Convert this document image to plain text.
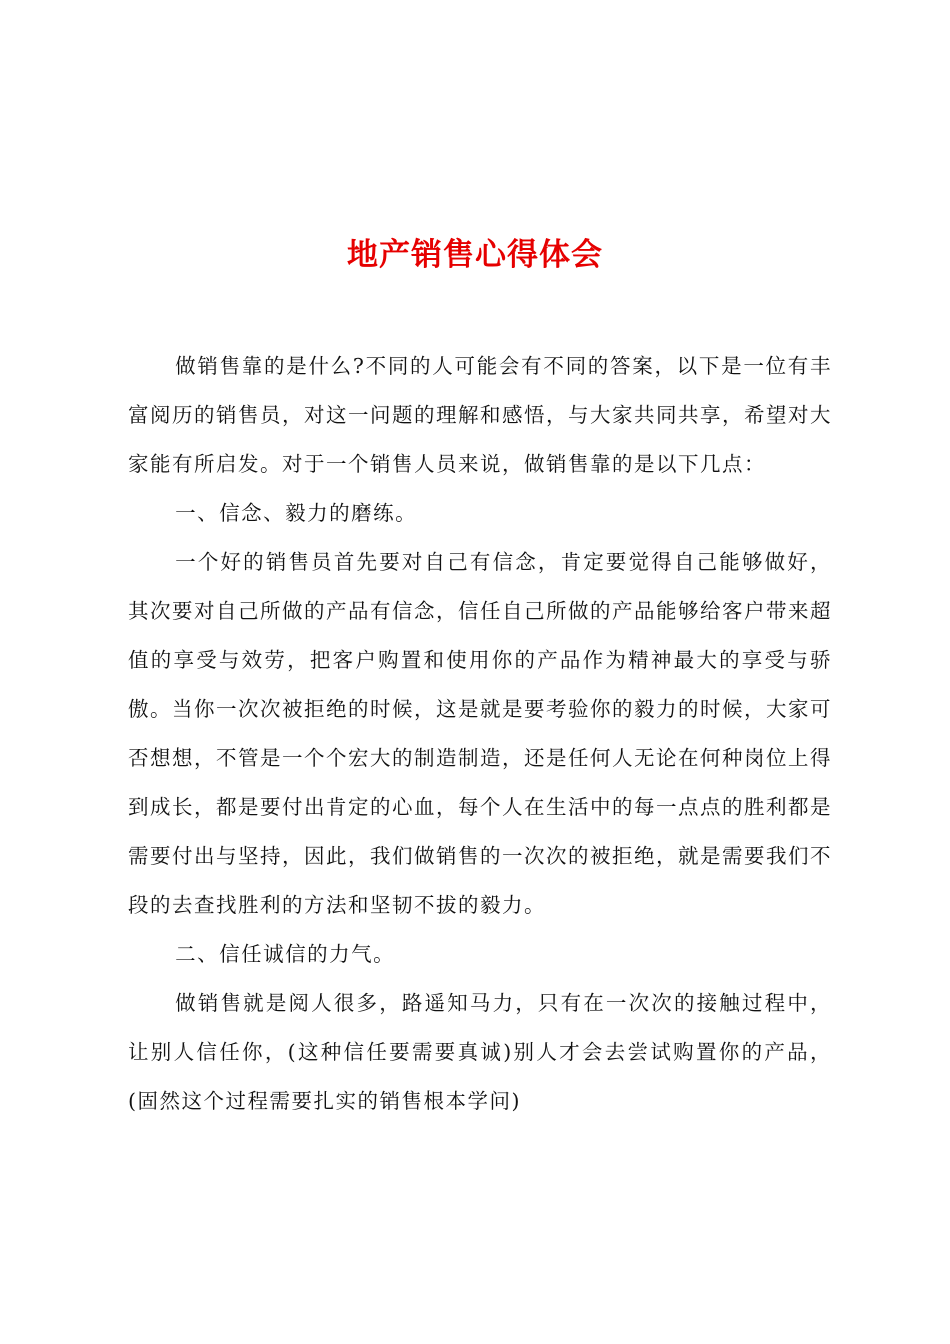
地产销售心得体会

做销售靠的是什么?不同的人可能会有不同的答案，以下是一位有丰富阅历的销售员，对这一问题的理解和感悟，与大家共同共享，希望对大家能有所启发。对于一个销售人员来说，做销售靠的是以下几点：

一、信念、毅力的磨练。

一个好的销售员首先要对自己有信念，肯定要觉得自己能够做好，其次要对自己所做的产品有信念，信任自己所做的产品能够给客户带来超值的享受与效劳，把客户购置和使用你的产品作为精神最大的享受与骄傲。当你一次次被拒绝的时候，这是就是要考验你的毅力的时候，大家可否想想，不管是一个个宏大的制造制造，还是任何人无论在何种岗位上得到成长，都是要付出肯定的心血，每个人在生活中的每一点点的胜利都是需要付出与坚持，因此，我们做销售的一次次的被拒绝，就是需要我们不段的去查找胜利的方法和坚韧不拔的毅力。

二、信任诚信的力气。

做销售就是阅人很多，路遥知马力，只有在一次次的接触过程中，让别人信任你，(这种信任要需要真诚)别人才会去尝试购置你的产品，(固然这个过程需要扎实的销售根本学问)
